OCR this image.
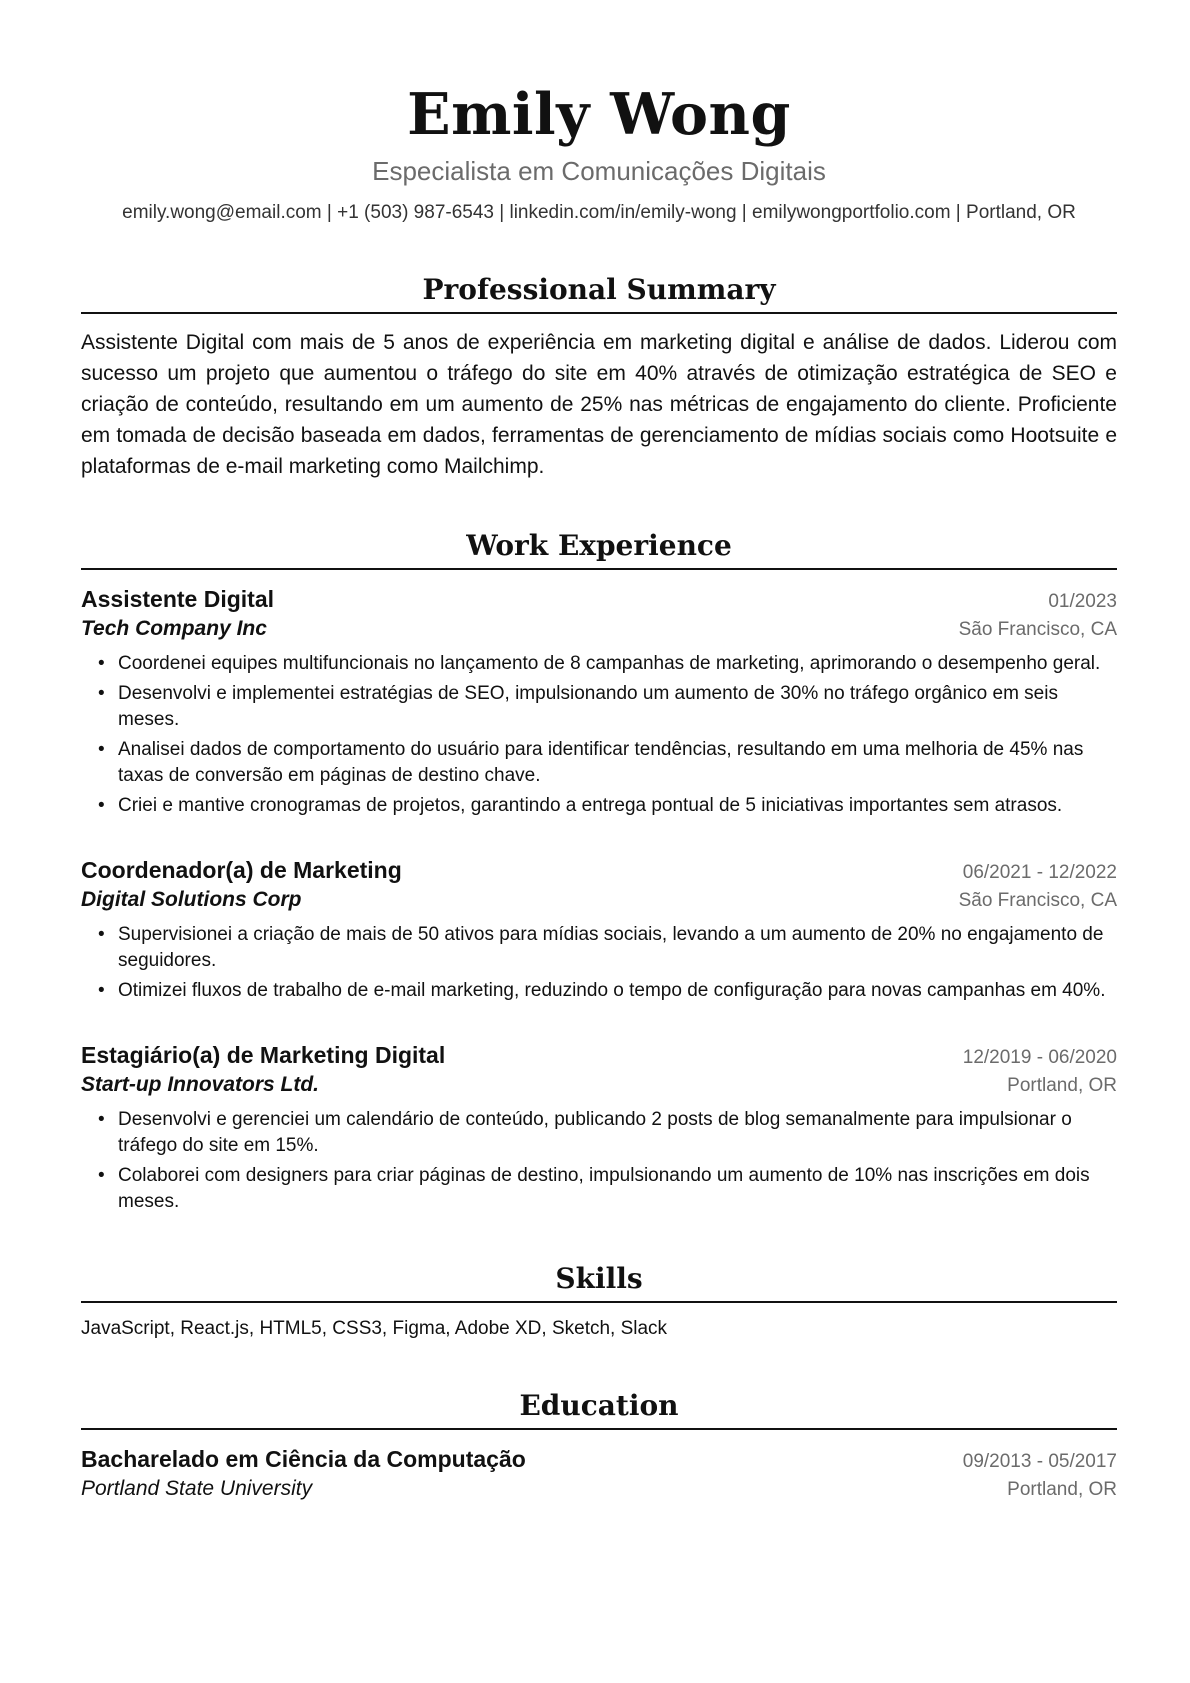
Emily Wong
Especialista em Comunicações Digitais
emily.wong@email.com | +1 (503) 987-6543 | linkedin.com/in/emily-wong | emilywongportfolio.com | Portland, OR
Professional Summary
Assistente Digital com mais de 5 anos de experiência em marketing digital e análise de dados. Liderou com sucesso um projeto que aumentou o tráfego do site em 40% através de otimização estratégica de SEO e criação de conteúdo, resultando em um aumento de 25% nas métricas de engajamento do cliente. Proficiente em tomada de decisão baseada em dados, ferramentas de gerenciamento de mídias sociais como Hootsuite e plataformas de e-mail marketing como Mailchimp.
Work Experience
Assistente Digital	01/2023
Tech Company Inc	São Francisco, CA
• Coordenei equipes multifuncionais no lançamento de 8 campanhas de marketing, aprimorando o desempenho geral.
• Desenvolvi e implementei estratégias de SEO, impulsionando um aumento de 30% no tráfego orgânico em seis meses.
• Analisei dados de comportamento do usuário para identificar tendências, resultando em uma melhoria de 45% nas taxas de conversão em páginas de destino chave.
• Criei e mantive cronogramas de projetos, garantindo a entrega pontual de 5 iniciativas importantes sem atrasos.
Coordenador(a) de Marketing	06/2021 - 12/2022
Digital Solutions Corp	São Francisco, CA
• Supervisionei a criação de mais de 50 ativos para mídias sociais, levando a um aumento de 20% no engajamento de seguidores.
• Otimizei fluxos de trabalho de e-mail marketing, reduzindo o tempo de configuração para novas campanhas em 40%.
Estagiário(a) de Marketing Digital	12/2019 - 06/2020
Start-up Innovators Ltd.	Portland, OR
• Desenvolvi e gerenciei um calendário de conteúdo, publicando 2 posts de blog semanalmente para impulsionar o tráfego do site em 15%.
• Colaborei com designers para criar páginas de destino, impulsionando um aumento de 10% nas inscrições em dois meses.
Skills
JavaScript, React.js, HTML5, CSS3, Figma, Adobe XD, Sketch, Slack
Education
Bacharelado em Ciência da Computação	09/2013 - 05/2017
Portland State University	Portland, OR
